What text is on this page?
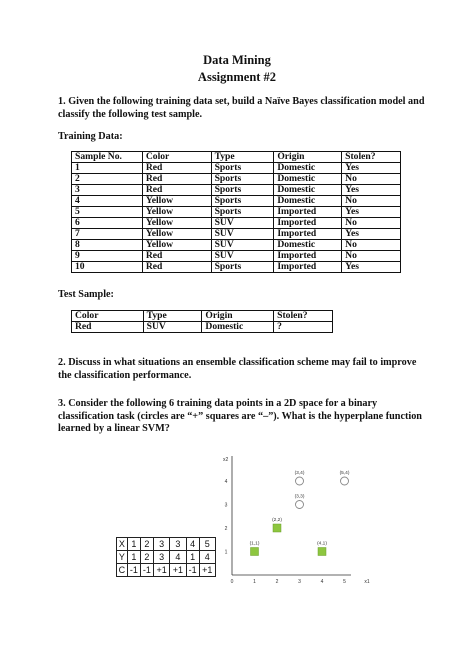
Data Mining
Assignment #2
1. Given the following training data set, build a Naïve Bayes classification model and classify the following test sample.
Training Data:
Sample No.	Color	Type	Origin	Stolen?
1	Red	Sports	Domestic	Yes
2	Red	Sports	Domestic	No
3	Red	Sports	Domestic	Yes
4	Yellow	Sports	Domestic	No
5	Yellow	Sports	Imported	Yes
6	Yellow	SUV	Imported	No
7	Yellow	SUV	Imported	Yes
8	Yellow	SUV	Domestic	No
9	Red	SUV	Imported	No
10	Red	Sports	Imported	Yes
Test Sample:
Color	Type	Origin	Stolen?
Red	SUV	Domestic	?
2. Discuss in what situations an ensemble classification scheme may fail to improve the classification performance.
3. Consider the following 6 training data points in a 2D space for a binary classification task (circles are “+” squares are “–”). What is the hyperplane function learned by a linear SVM?
X	1	2	3	3	4	5
Y	1	2	3	4	1	4
C	-1	-1	+1	+1	-1	+1
x2
0	1	2	3	4	5	x1
1
2
3
4
(3,3)
(3,4)	(5,4)
(1,1)
(2,2)
(4,1)
